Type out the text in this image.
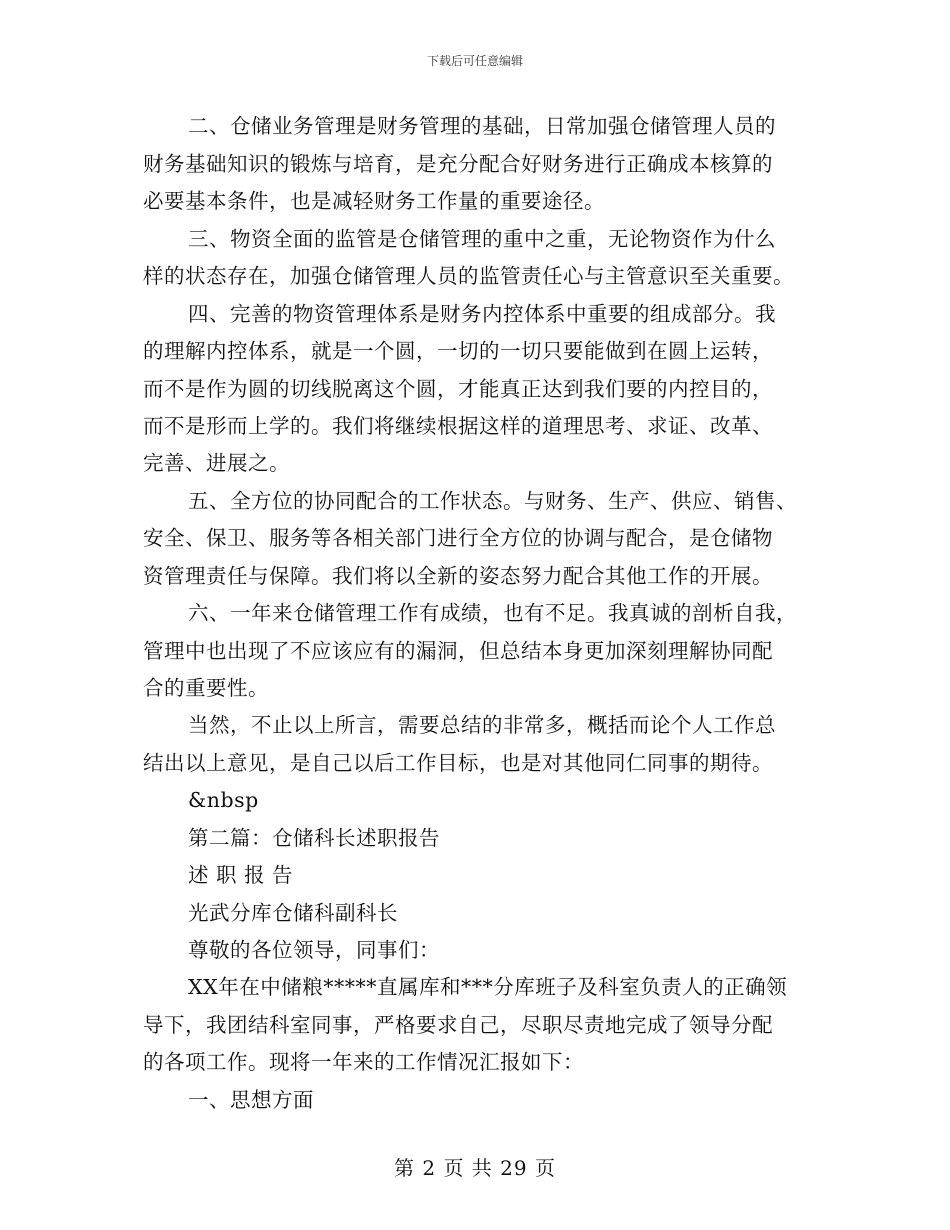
下载后可任意编辑
二、仓储业务管理是财务管理的基础，日常加强仓储管理人员的
财务基础知识的锻炼与培育，是充分配合好财务进行正确成本核算的
必要基本条件，也是减轻财务工作量的重要途径。
三、物资全面的监管是仓储管理的重中之重，无论物资作为什么
样的状态存在，加强仓储管理人员的监管责任心与主管意识至关重要。
四、完善的物资管理体系是财务内控体系中重要的组成部分。我
的理解内控体系，就是一个圆，一切的一切只要能做到在圆上运转，
而不是作为圆的切线脱离这个圆，才能真正达到我们要的内控目的，
而不是形而上学的。我们将继续根据这样的道理思考、求证、改革、
完善、进展之。
五、全方位的协同配合的工作状态。与财务、生产、供应、销售、
安全、保卫、服务等各相关部门进行全方位的协调与配合，是仓储物
资管理责任与保障。我们将以全新的姿态努力配合其他工作的开展。
六、一年来仓储管理工作有成绩，也有不足。我真诚的剖析自我，
管理中也出现了不应该应有的漏洞，但总结本身更加深刻理解协同配
合的重要性。
当然，不止以上所言，需要总结的非常多，概括而论个人工作总
结出以上意见，是自己以后工作目标，也是对其他同仁同事的期待。
&nbsp
第二篇：仓储科长述职报告
述 职 报 告
光武分库仓储科副科长
尊敬的各位领导，同事们：
XX年在中储粮*****直属库和***分库班子及科室负责人的正确领
导下，我团结科室同事，严格要求自己，尽职尽责地完成了领导分配
的各项工作。现将一年来的工作情况汇报如下：
一、思想方面
第 2 页 共 29 页
